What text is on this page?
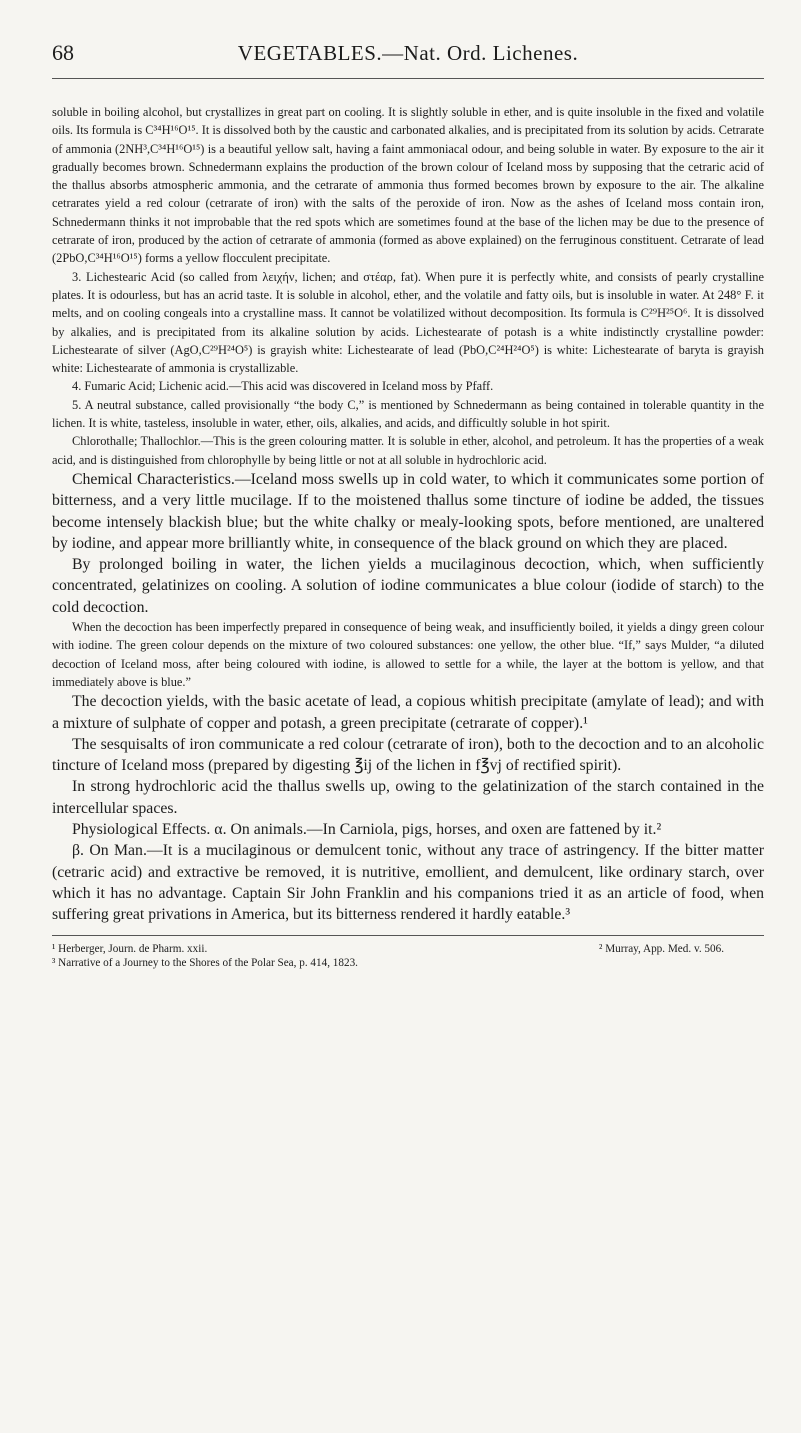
68	VEGETABLES.—Nat. Ord. Lichenes.

soluble in boiling alcohol, but crystallizes in great part on cooling. It is slightly soluble in ether, and is quite insoluble in the fixed and volatile oils. Its formula is C³⁴H¹⁶O¹⁵. It is dissolved both by the caustic and carbonated alkalies, and is precipitated from its solution by acids. Cetrarate of ammonia (2NH³,C³⁴H¹⁶O¹⁵) is a beautiful yellow salt, having a faint ammoniacal odour, and being soluble in water. By exposure to the air it gradually becomes brown. Schnedermann explains the production of the brown colour of Iceland moss by supposing that the cetraric acid of the thallus absorbs atmospheric ammonia, and the cetrarate of ammonia thus formed becomes brown by exposure to the air. The alkaline cetrarates yield a red colour (cetrarate of iron) with the salts of the peroxide of iron. Now as the ashes of Iceland moss contain iron, Schnedermann thinks it not improbable that the red spots which are sometimes found at the base of the lichen may be due to the presence of cetrarate of iron, produced by the action of cetrarate of ammonia (formed as above explained) on the ferruginous constituent. Cetrarate of lead (2PbO,C³⁴H¹⁶O¹⁵) forms a yellow flocculent precipitate.

3. Lichestearic Acid (so called from λειχήν, lichen; and στέαρ, fat). When pure it is perfectly white, and consists of pearly crystalline plates. It is odourless, but has an acrid taste. It is soluble in alcohol, ether, and the volatile and fatty oils, but is insoluble in water. At 248° F. it melts, and on cooling congeals into a crystalline mass. It cannot be volatilized without decomposition. Its formula is C²⁹H²⁵O⁶. It is dissolved by alkalies, and is precipitated from its alkaline solution by acids. Lichestearate of potash is a white indistinctly crystalline powder: Lichestearate of silver (AgO,C²⁹H²⁴O⁵) is grayish white: Lichestearate of lead (PbO,C²⁴H²⁴O⁵) is white: Lichestearate of baryta is grayish white: Lichestearate of ammonia is crystallizable.

4. Fumaric Acid; Lichenic acid.—This acid was discovered in Iceland moss by Pfaff.

5. A neutral substance, called provisionally “the body C,” is mentioned by Schnedermann as being contained in tolerable quantity in the lichen. It is white, tasteless, insoluble in water, ether, oils, alkalies, and acids, and difficultly soluble in hot spirit.

Chlorothalle; Thallochlor.—This is the green colouring matter. It is soluble in ether, alcohol, and petroleum. It has the properties of a weak acid, and is distinguished from chlorophylle by being little or not at all soluble in hydrochloric acid.

Chemical Characteristics.—Iceland moss swells up in cold water, to which it communicates some portion of bitterness, and a very little mucilage. If to the moistened thallus some tincture of iodine be added, the tissues become intensely blackish blue; but the white chalky or mealy-looking spots, before mentioned, are unaltered by iodine, and appear more brilliantly white, in consequence of the black ground on which they are placed.

By prolonged boiling in water, the lichen yields a mucilaginous decoction, which, when sufficiently concentrated, gelatinizes on cooling. A solution of iodine communicates a blue colour (iodide of starch) to the cold decoction.

When the decoction has been imperfectly prepared in consequence of being weak, and insufficiently boiled, it yields a dingy green colour with iodine. The green colour depends on the mixture of two coloured substances: one yellow, the other blue. “If,” says Mulder, “a diluted decoction of Iceland moss, after being coloured with iodine, is allowed to settle for a while, the layer at the bottom is yellow, and that immediately above is blue.”

The decoction yields, with the basic acetate of lead, a copious whitish precipitate (amylate of lead); and with a mixture of sulphate of copper and potash, a green precipitate (cetrarate of copper).¹

The sesquisalts of iron communicate a red colour (cetrarate of iron), both to the decoction and to an alcoholic tincture of Iceland moss (prepared by digesting ℥ij of the lichen in f℥vj of rectified spirit).

In strong hydrochloric acid the thallus swells up, owing to the gelatinization of the starch contained in the intercellular spaces.

Physiological Effects. α. On animals.—In Carniola, pigs, horses, and oxen are fattened by it.²

β. On Man.—It is a mucilaginous or demulcent tonic, without any trace of astringency. If the bitter matter (cetraric acid) and extractive be removed, it is nutritive, emollient, and demulcent, like ordinary starch, over which it has no advantage. Captain Sir John Franklin and his companions tried it as an article of food, when suffering great privations in America, but its bitterness rendered it hardly eatable.³

¹ Herberger, Journ. de Pharm. xxii.	² Murray, App. Med. v. 506.
³ Narrative of a Journey to the Shores of the Polar Sea, p. 414, 1823.
